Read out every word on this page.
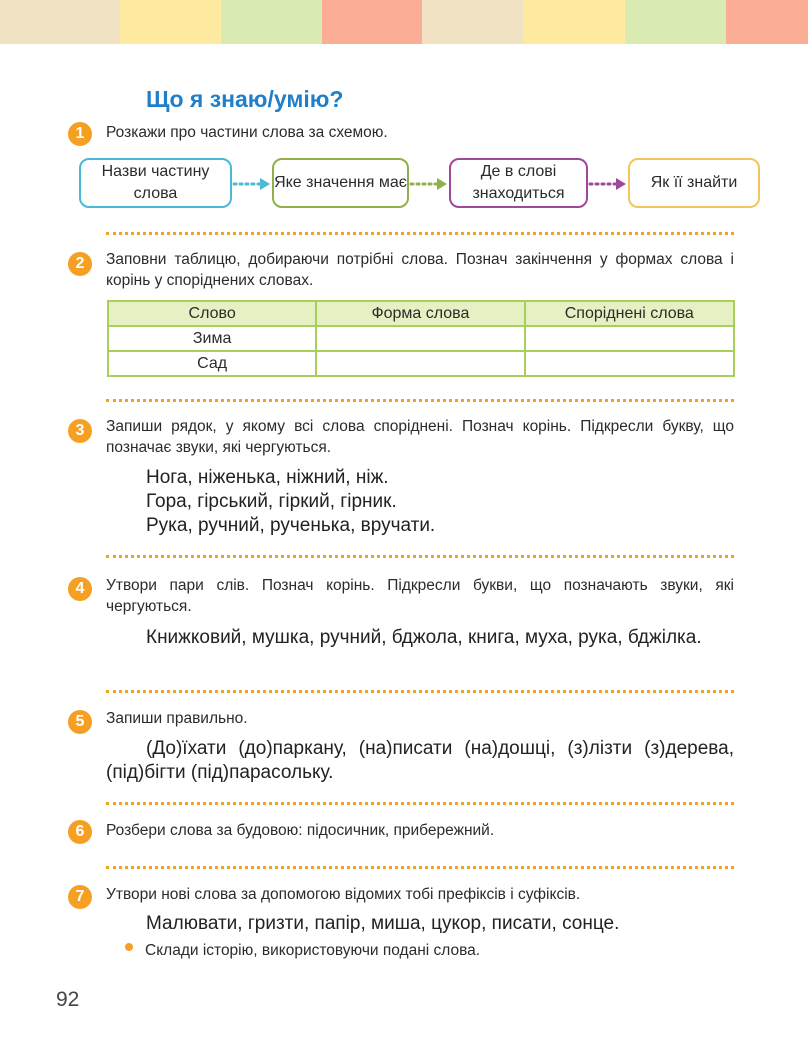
Що я знаю/умію?
1	Розкажи про частини слова за схемою.
Назви частину слова
Яке значення має
Де в слові знаходиться
Як її знайти
2	Заповни таблицю, добираючи потрібні слова. Познач закінчення у формах слова і корінь у споріднених словах.
Слово	Форма слова	Споріднені слова
Зима		
Сад		
3	Запиши рядок, у якому всі слова споріднені. Познач корінь. Підкресли букву, що позначає звуки, які чергуються.
Нога, ніженька, ніжний, ніж.
Гора, гірський, гіркий, гірник.
Рука, ручний, рученька, вручати.
4	Утвори пари слів. Познач корінь. Підкресли букви, що позначають звуки, які чергуються.
Книжковий, мушка, ручний, бджола, книга, муха, рука, бджілка.
5	Запиши правильно.
(До)їхати (до)паркану, (на)писати (на)дошці, (з)лізти (з)дерева, (під)бігти (під)парасольку.
6	Розбери слова за будовою: підосичник, прибережний.
7	Утвори нові слова за допомогою відомих тобі префіксів і суфіксів.
Малювати, гризти, папір, миша, цукор, писати, сонце.
Склади історію, використовуючи подані слова.
92
